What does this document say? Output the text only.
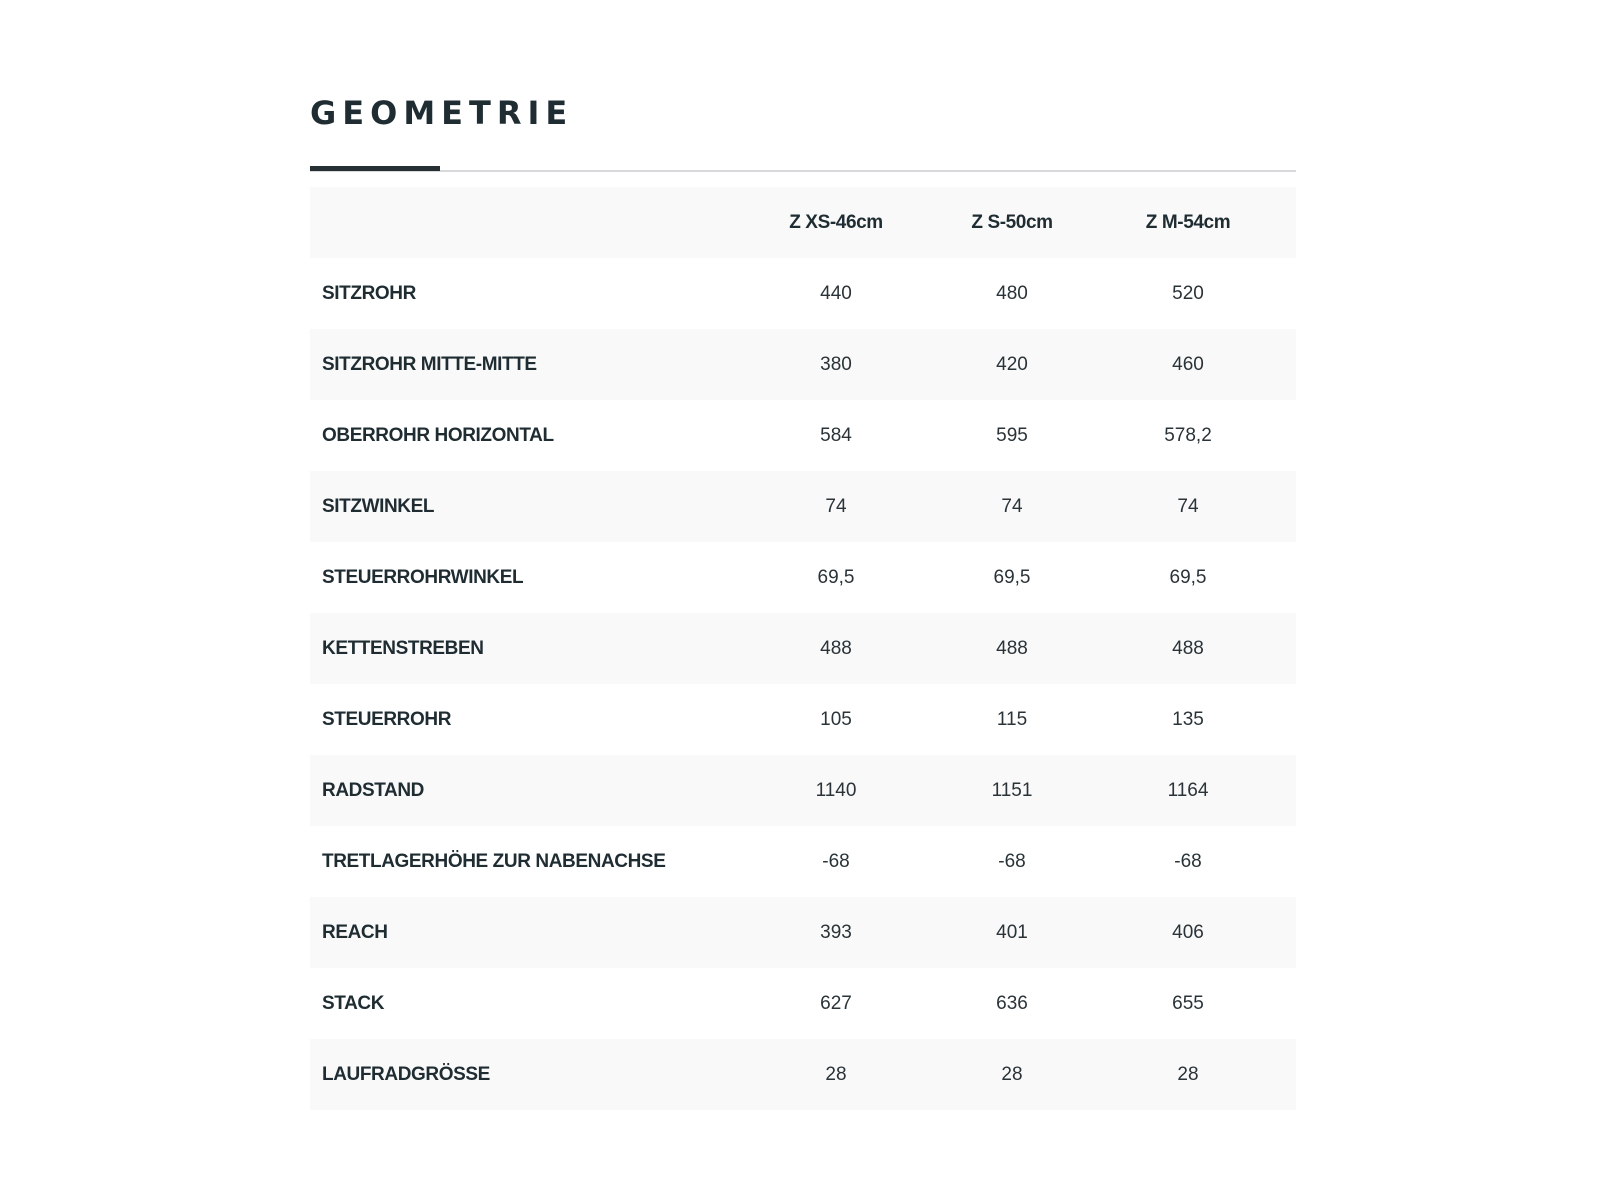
GEOMETRIE
	Z XS-46cm	Z S-50cm	Z M-54cm	
SITZROHR	440	480	520	
SITZROHR MITTE-MITTE	380	420	460	
OBERROHR HORIZONTAL	584	595	578,2	
SITZWINKEL	74	74	74	
STEUERROHRWINKEL	69,5	69,5	69,5	
KETTENSTREBEN	488	488	488	
STEUERROHR	105	115	135	
RADSTAND	1140	1151	1164	
TRETLAGERHÖHE ZUR NABENACHSE	-68	-68	-68	
REACH	393	401	406	
STACK	627	636	655	
LAUFRADGRÖSSE	28	28	28	
